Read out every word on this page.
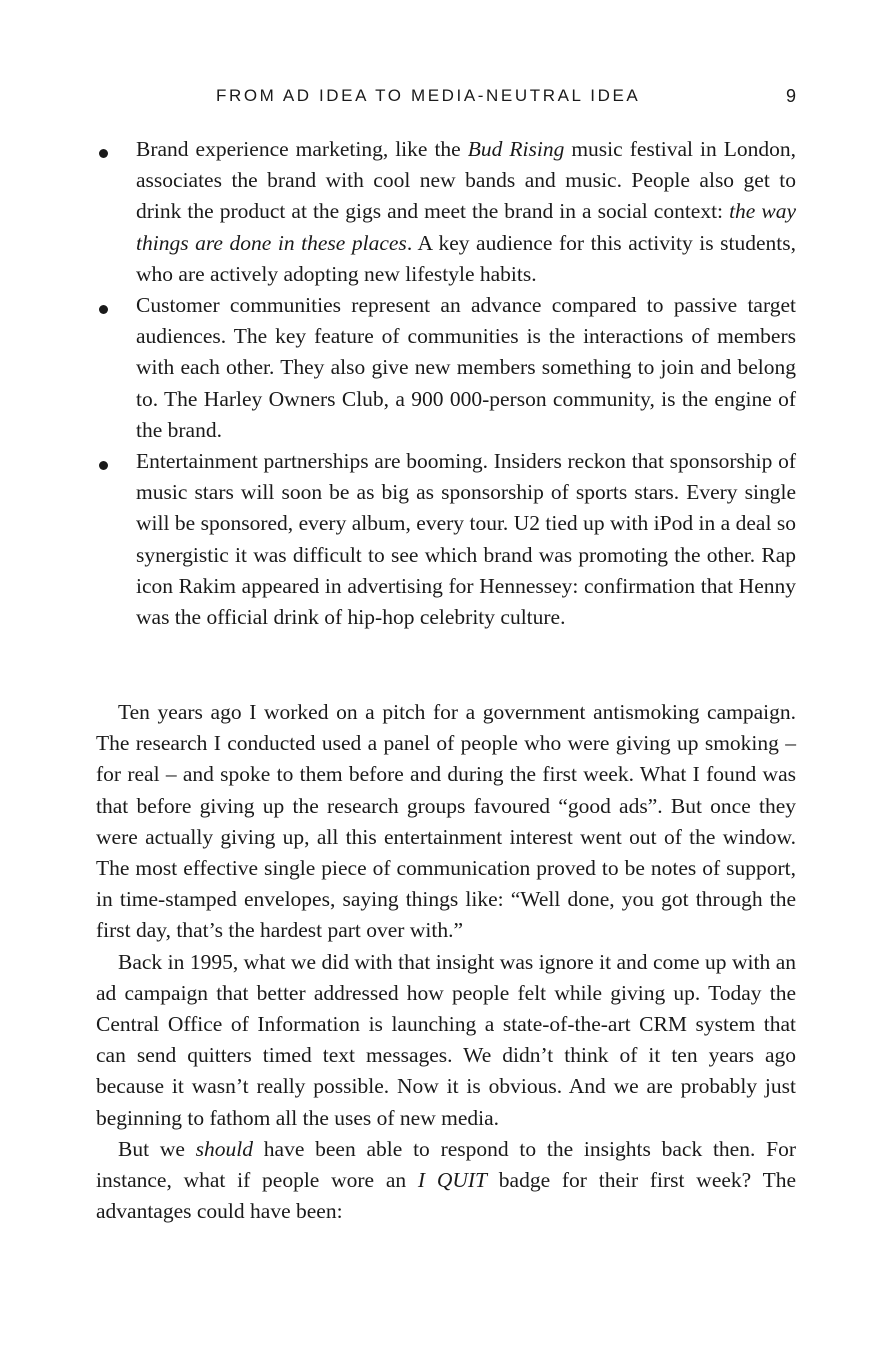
FROM AD IDEA TO MEDIA-NEUTRAL IDEA	9
Brand experience marketing, like the Bud Rising music festival in London, associates the brand with cool new bands and music. People also get to drink the product at the gigs and meet the brand in a social context: the way things are done in these places. A key audience for this activity is students, who are actively adopting new lifestyle habits.
Customer communities represent an advance compared to passive target audiences. The key feature of communities is the interactions of members with each other. They also give new members something to join and belong to. The Harley Owners Club, a 900 000-person community, is the engine of the brand.
Entertainment partnerships are booming. Insiders reckon that sponsorship of music stars will soon be as big as sponsorship of sports stars. Every single will be sponsored, every album, every tour. U2 tied up with iPod in a deal so synergistic it was difficult to see which brand was promoting the other. Rap icon Rakim appeared in advertising for Hennessey: confirmation that Henny was the official drink of hip-hop celebrity culture.

Ten years ago I worked on a pitch for a government antismoking campaign. The research I conducted used a panel of people who were giving up smoking – for real – and spoke to them before and during the first week. What I found was that before giving up the research groups favoured “good ads”. But once they were actually giving up, all this entertainment interest went out of the window. The most effective single piece of communication proved to be notes of support, in time-stamped envelopes, saying things like: “Well done, you got through the first day, that’s the hardest part over with.”

Back in 1995, what we did with that insight was ignore it and come up with an ad campaign that better addressed how people felt while giving up. Today the Central Office of Information is launching a state-of-the-art CRM system that can send quitters timed text messages. We didn’t think of it ten years ago because it wasn’t really possible. Now it is obvious. And we are probably just beginning to fathom all the uses of new media.

But we should have been able to respond to the insights back then. For instance, what if people wore an I QUIT badge for their first week? The advantages could have been:
